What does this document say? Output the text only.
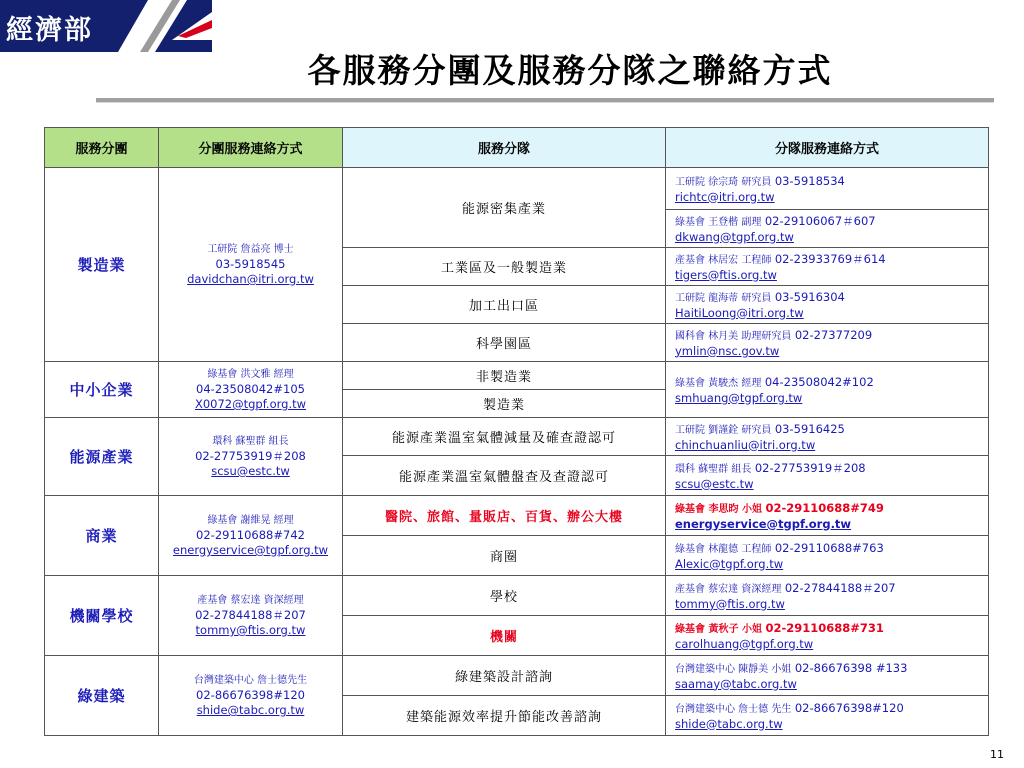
經濟部
各服務分團及服務分隊之聯絡方式
服務分團	分團服務連絡方式	服務分隊	分隊服務連絡方式
製造業	工研院 詹益亮 博士
03-5918545
davidchan@itri.org.tw	能源密集產業	工研院 徐宗琦 研究員 03-5918534
richtc@itri.org.tw

			綠基會 王登楷 副理 02-29106067＃607
dkwang@tgpf.org.tw

		工業區及一般製造業	產基會 林居宏 工程師 02-23933769＃614
tigers@ftis.org.tw

		加工出口區	工研院 龍海蒂 研究員 03-5916304
HaitiLoong@itri.org.tw

		科學園區	國科會 林月美 助理研究員 02-27377209
ymlin@nsc.gov.tw

中小企業	綠基會 洪文雅 經理
04-23508042#105
X0072@tgpf.org.tw	非製造業	綠基會 黃駿杰 經理 04-23508042#102
smhuang@tgpf.org.tw

		製造業	
能源產業	環科 蘇聖群 組長
02-27753919＃208
scsu@estc.tw	能源產業溫室氣體減量及確查證認可	工研院 劉謹銓 研究員 03-5916425
chinchuanliu@itri.org.tw

		能源產業溫室氣體盤查及查證認可	環科 蘇聖群 組長 02-27753919＃208
scsu@estc.tw

商業	綠基會 謝維晃 經理
02-29110688#742
energyservice@tgpf.org.tw	醫院、旅館、量販店、百貨、辦公大樓	綠基會 李思昀 小姐 02-29110688#749
energyservice@tgpf.org.tw

		商圈	綠基會 林龍德 工程師 02-29110688#763
Alexic@tgpf.org.tw

機關學校	產基會 蔡宏達 資深經理
02-27844188＃207
tommy@ftis.org.tw	學校	產基會 蔡宏達 資深經理 02-27844188＃207
tommy@ftis.org.tw

		機關	綠基會 黃秋子 小姐 02-29110688#731
carolhuang@tgpf.org.tw

綠建築	台灣建築中心 詹士德先生
02-86676398#120
shide@tabc.org.tw	綠建築設計諮詢	台灣建築中心 陳靜美 小姐 02-86676398 #133
saamay@tabc.org.tw

		建築能源效率提升節能改善諮詢	台灣建築中心 詹士德 先生 02-86676398#120
shide@tabc.org.tw
11
